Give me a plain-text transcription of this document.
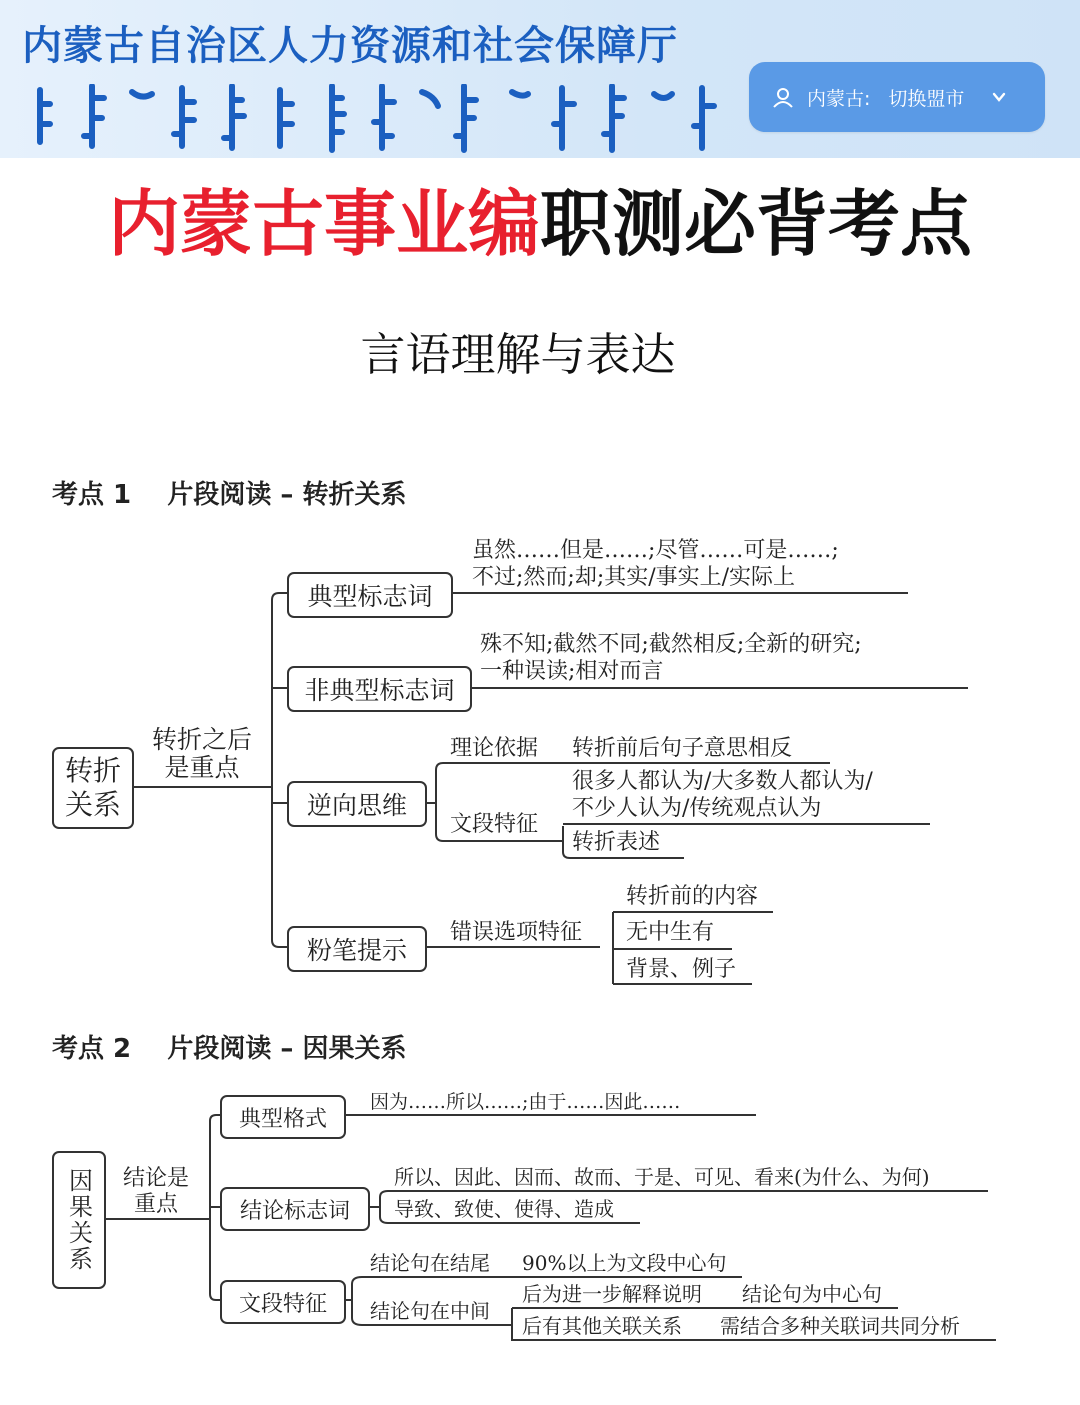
内蒙古自治区人力资源和社会保障厅
内蒙古: 切换盟市
内蒙古事业编职测必背考点
言语理解与表达
考点 1    片段阅读 – 转折关系
转折
关系
转折之后
是重点
典型标志词
虽然……但是……;尽管……可是……;
不过;然而;却;其实/事实上/实际上
非典型标志词
殊不知;截然不同;截然相反;全新的研究;
一种误读;相对而言
逆向思维
理论依据 转折前后句子意思相反
文段特征
很多人都认为/大多数人都认为/
不少人认为/传统观点认为
转折表述
粉笔提示
错误选项特征
转折前的内容
无中生有
背景、例子
考点 2    片段阅读 – 因果关系
因果关系	结论是
重点
典型格式
因为……所以……;由于……因此……
结论标志词
所以、因此、因而、故而、于是、可见、看来(为什么、为何)
导致、致使、使得、造成
文段特征
结论句在结尾 90%以上为文段中心句
结论句在中间
后为进一步解释说明 结论句为中心句
后有其他关联关系 需结合多种关联词共同分析
